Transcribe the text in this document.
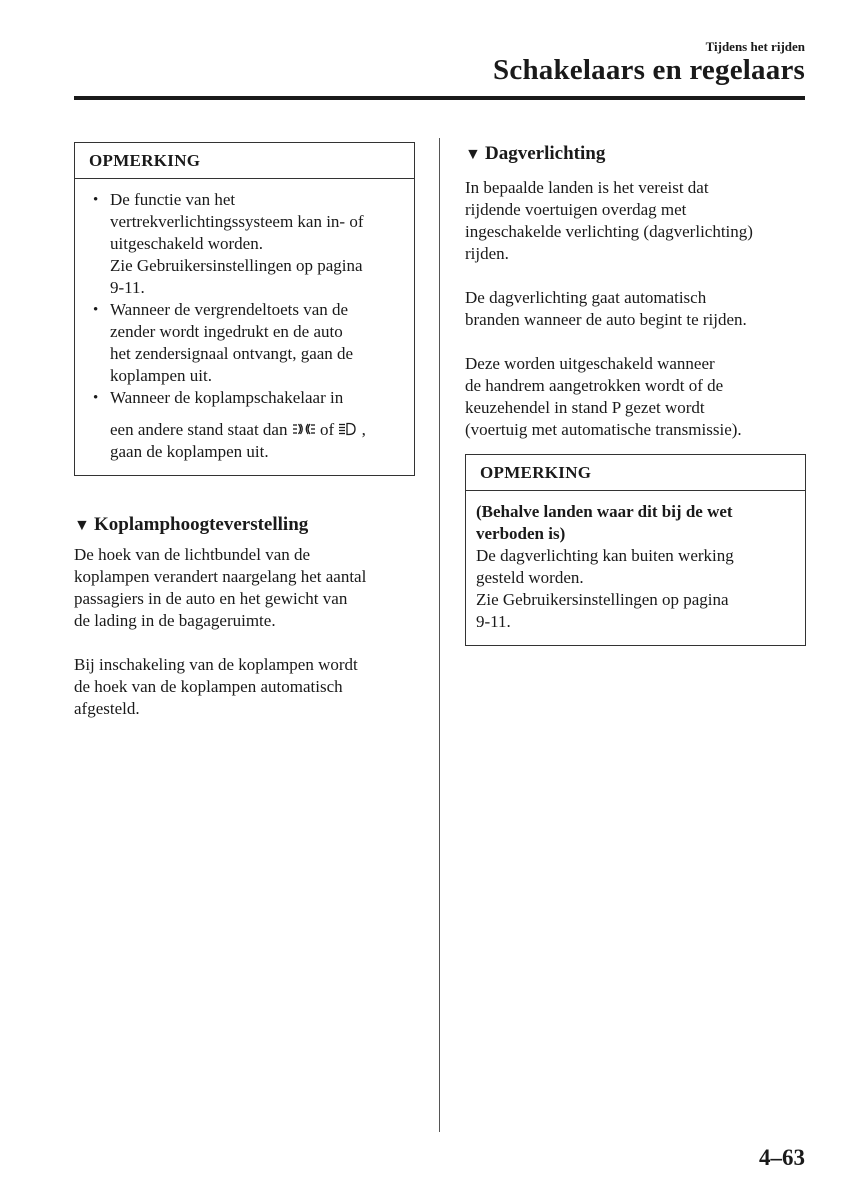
Tijdens het rijden
Schakelaars en regelaars
OPMERKING
• De functie van het
vertrekverlichtingssysteem kan in- of
uitgeschakeld worden.
Zie Gebruikersinstellingen op pagina
9-11.
• Wanneer de vergrendeltoets van de
zender wordt ingedrukt en de auto
het zendersignaal ontvangt, gaan de
koplampen uit.
• Wanneer de koplampschakelaar in
een andere stand staat dan of ,
gaan de koplampen uit.
▼ Koplamphoogteverstelling

De hoek van de lichtbundel van de
koplampen verandert naargelang het aantal
passagiers in de auto en het gewicht van
de lading in de bagageruimte.

Bij inschakeling van de koplampen wordt
de hoek van de koplampen automatisch
afgesteld.

▼ Dagverlichting

In bepaalde landen is het vereist dat
rijdende voertuigen overdag met
ingeschakelde verlichting (dagverlichting)
rijden.

De dagverlichting gaat automatisch
branden wanneer de auto begint te rijden.

Deze worden uitgeschakeld wanneer
de handrem aangetrokken wordt of de
keuzehendel in stand P gezet wordt
(voertuig met automatische transmissie).

OPMERKING
(Behalve landen waar dit bij de wet
verboden is)
De dagverlichting kan buiten werking
gesteld worden.
Zie Gebruikersinstellingen op pagina
9-11.
4–63
